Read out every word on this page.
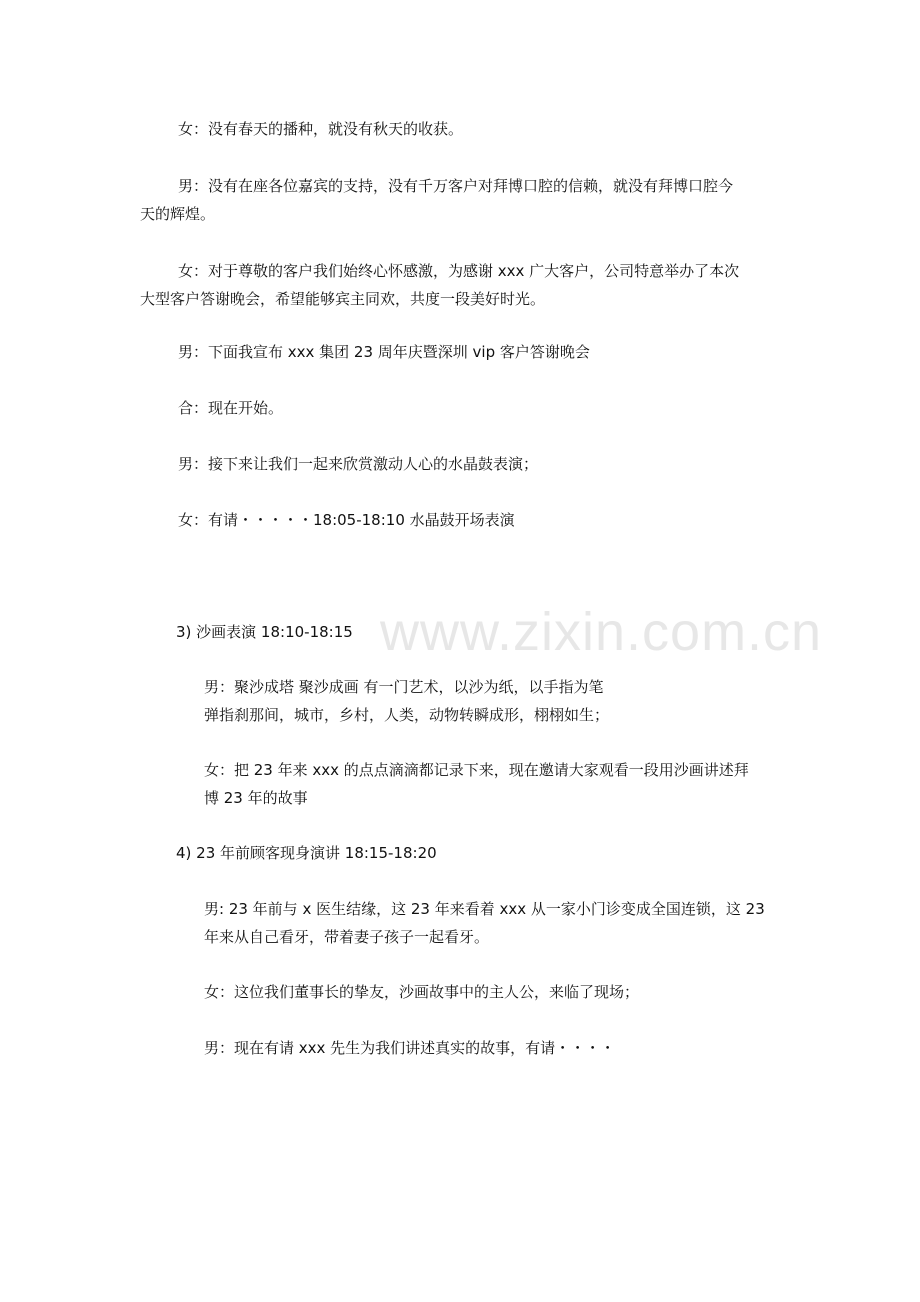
www.zixin.com.cn
女：没有春天的播种，就没有秋天的收获。
男：没有在座各位嘉宾的支持，没有千万客户对拜博口腔的信赖，就没有拜博口腔今
天的辉煌。
女：对于尊敬的客户我们始终心怀感激，为感谢 xxx 广大客户，公司特意举办了本次
大型客户答谢晚会，希望能够宾主同欢，共度一段美好时光。
男：下面我宣布 xxx 集团 23 周年庆暨深圳 vip 客户答谢晚会
合：现在开始。
男：接下来让我们一起来欣赏激动人心的水晶鼓表演；
女：有请・・・・・18:05-18:10 水晶鼓开场表演
3) 沙画表演 18:10-18:15
男：聚沙成塔 聚沙成画 有一门艺术，以沙为纸，以手指为笔
弹指刹那间，城市，乡村，人类，动物转瞬成形，栩栩如生；
女：把 23 年来 xxx 的点点滴滴都记录下来，现在邀请大家观看一段用沙画讲述拜
博 23 年的故事
4) 23 年前顾客现身演讲 18:15-18:20
男: 23 年前与 x 医生结缘，这 23 年来看着 xxx 从一家小门诊变成全国连锁，这 23
年来从自己看牙，带着妻子孩子一起看牙。
女：这位我们董事长的挚友，沙画故事中的主人公，来临了现场；
男：现在有请 xxx 先生为我们讲述真实的故事，有请・・・・
